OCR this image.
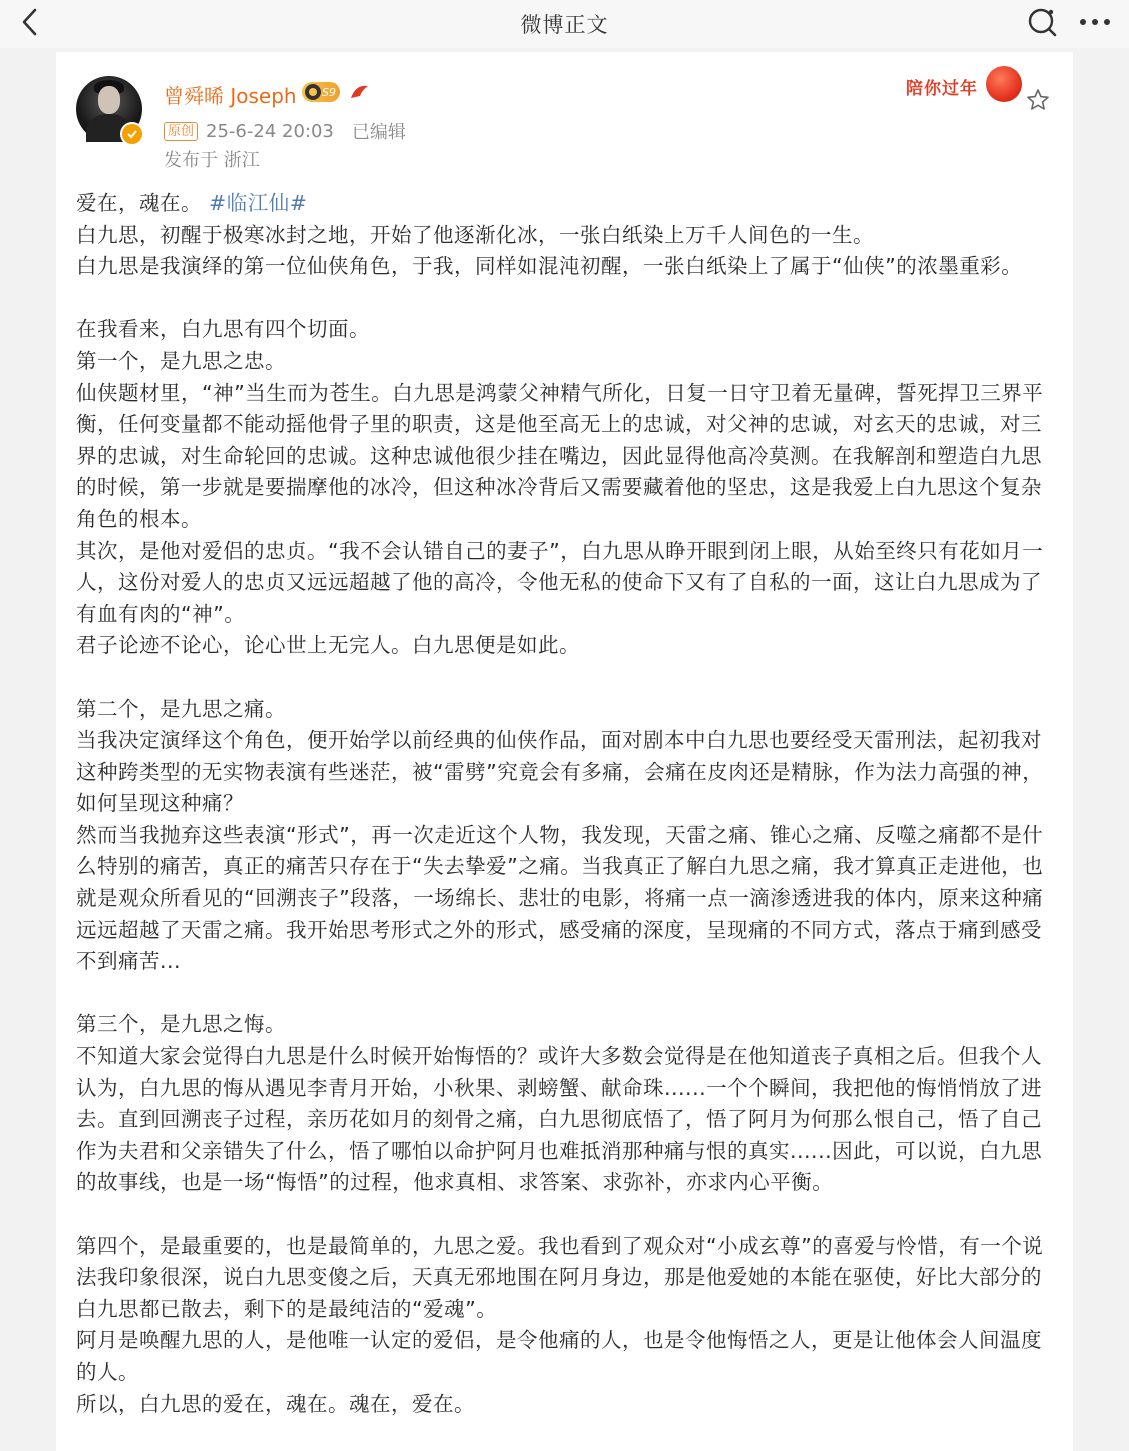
微博正文
曾舜晞 Joseph S9
原创 25-6-24 20:03 已编辑
发布于 浙江
陪你过年

爱在，魂在。 #临江仙#

白九思，初醒于极寒冰封之地，开始了他逐渐化冰，一张白纸染上万千人间色的一生。

白九思是我演绎的第一位仙侠角色，于我，同样如混沌初醒，一张白纸染上了属于“仙侠”的浓墨重彩。

在我看来，白九思有四个切面。

第一个，是九思之忠。

仙侠题材里，“神”当生而为苍生。白九思是鸿蒙父神精气所化，日复一日守卫着无量碑，誓死捍卫三界平衡，任何变量都不能动摇他骨子里的职责，这是他至高无上的忠诚，对父神的忠诚，对玄天的忠诚，对三界的忠诚，对生命轮回的忠诚。这种忠诚他很少挂在嘴边，因此显得他高冷莫测。在我解剖和塑造白九思的时候，第一步就是要揣摩他的冰冷，但这种冰冷背后又需要藏着他的坚忠，这是我爱上白九思这个复杂角色的根本。

其次，是他对爱侣的忠贞。“我不会认错自己的妻子”，白九思从睁开眼到闭上眼，从始至终只有花如月一人，这份对爱人的忠贞又远远超越了他的高冷，令他无私的使命下又有了自私的一面，这让白九思成为了有血有肉的“神”。

君子论迹不论心，论心世上无完人。白九思便是如此。

第二个，是九思之痛。

当我决定演绎这个角色，便开始学以前经典的仙侠作品，面对剧本中白九思也要经受天雷刑法，起初我对这种跨类型的无实物表演有些迷茫，被“雷劈”究竟会有多痛，会痛在皮肉还是精脉，作为法力高强的神，如何呈现这种痛？

然而当我抛弃这些表演“形式”，再一次走近这个人物，我发现，天雷之痛、锥心之痛、反噬之痛都不是什么特别的痛苦，真正的痛苦只存在于“失去挚爱”之痛。当我真正了解白九思之痛，我才算真正走进他，也就是观众所看见的“回溯丧子”段落，一场绵长、悲壮的电影，将痛一点一滴渗透进我的体内，原来这种痛远远超越了天雷之痛。我开始思考形式之外的形式，感受痛的深度，呈现痛的不同方式，落点于痛到感受不到痛苦...

第三个，是九思之悔。

不知道大家会觉得白九思是什么时候开始悔悟的？或许大多数会觉得是在他知道丧子真相之后。但我个人认为，白九思的悔从遇见李青月开始，小秋果、剥螃蟹、献命珠......一个个瞬间，我把他的悔悄悄放了进去。直到回溯丧子过程，亲历花如月的刻骨之痛，白九思彻底悟了，悟了阿月为何那么恨自己，悟了自己作为夫君和父亲错失了什么，悟了哪怕以命护阿月也难抵消那种痛与恨的真实......因此，可以说，白九思的故事线，也是一场“悔悟”的过程，他求真相、求答案、求弥补，亦求内心平衡。

第四个，是最重要的，也是最简单的，九思之爱。我也看到了观众对“小成玄尊”的喜爱与怜惜，有一个说法我印象很深，说白九思变傻之后，天真无邪地围在阿月身边，那是他爱她的本能在驱使，好比大部分的白九思都已散去，剩下的是最纯洁的“爱魂”。

阿月是唤醒九思的人，是他唯一认定的爱侣，是令他痛的人，也是令他悔悟之人，更是让他体会人间温度的人。

所以，白九思的爱在，魂在。魂在，爱在。
